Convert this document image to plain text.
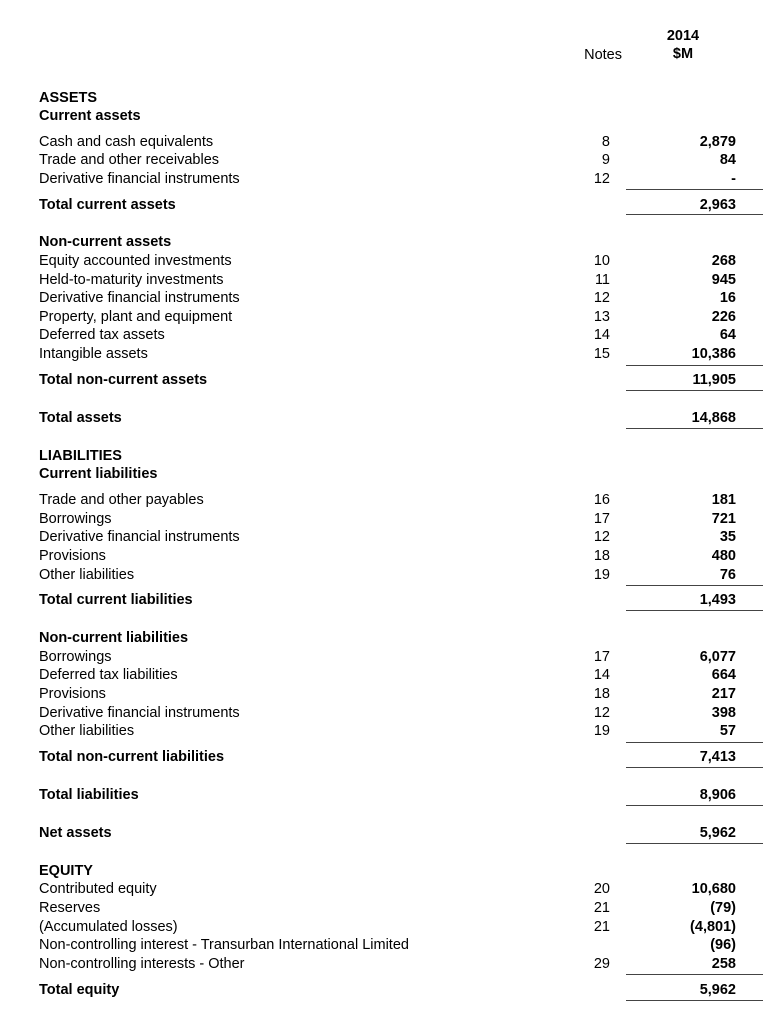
Notes
2014
$M
ASSETS
Current assets
Cash and cash equivalents	8	2,879
Trade and other receivables	9	84
Derivative financial instruments	12	-
Total current assets	2,963
Non-current assets
Equity accounted investments	10	268
Held-to-maturity investments	11	945
Derivative financial instruments	12	16
Property, plant and equipment	13	226
Deferred tax assets	14	64
Intangible assets	15	10,386
Total non-current assets	11,905
Total assets	14,868
LIABILITIES
Current liabilities
Trade and other payables	16	181
Borrowings	17	721
Derivative financial instruments	12	35
Provisions	18	480
Other liabilities	19	76
Total current liabilities	1,493
Non-current liabilities
Borrowings	17	6,077
Deferred tax liabilities	14	664
Provisions	18	217
Derivative financial instruments	12	398
Other liabilities	19	57
Total non-current liabilities	7,413
Total liabilities	8,906
Net assets	5,962
EQUITY
Contributed equity	20	10,680
Reserves	21	(79)
(Accumulated losses)	21	(4,801)
Non-controlling interest - Transurban International Limited	(96)
Non-controlling interests - Other	29	258
Total equity	5,962
